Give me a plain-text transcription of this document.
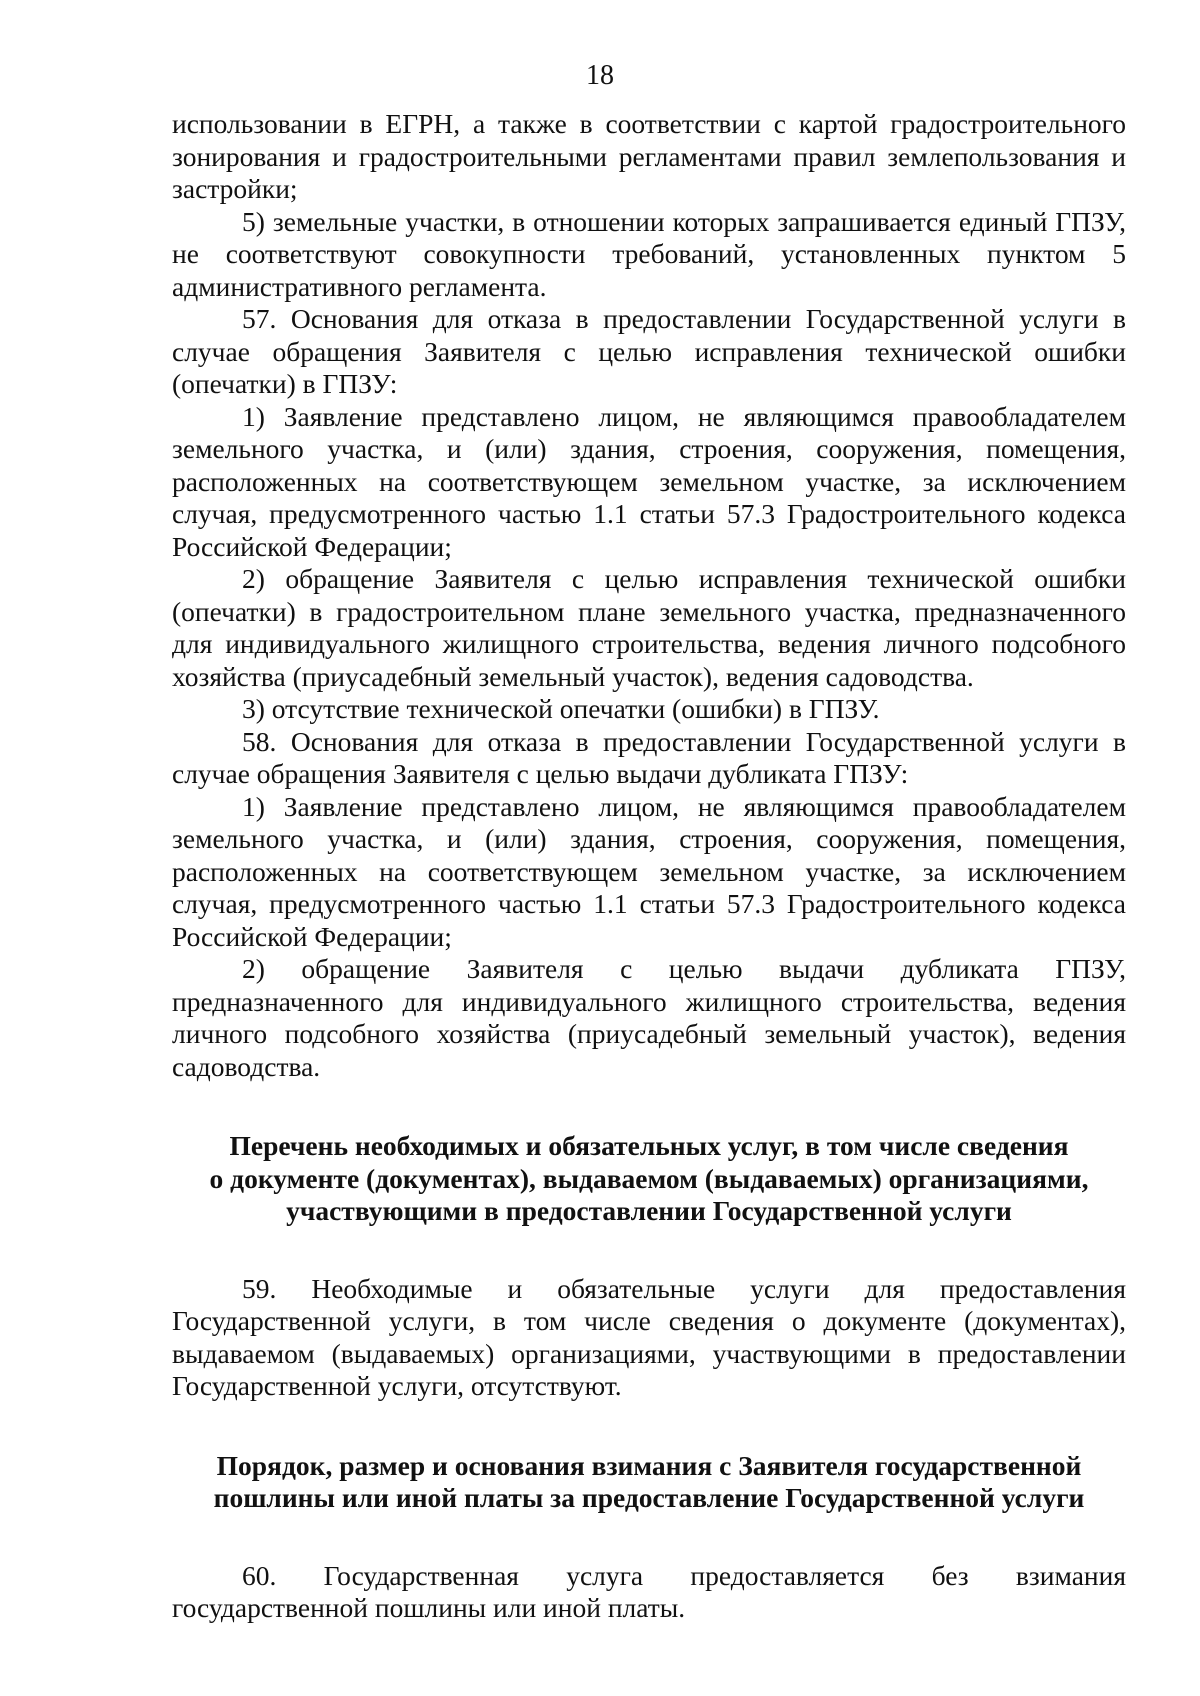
18

использовании в ЕГРН, а также в соответствии с картой градостроительного зонирования и градостроительными регламентами правил землепользования и застройки;

5) земельные участки, в отношении которых запрашивается единый ГПЗУ, не соответствуют совокупности требований, установленных пунктом 5 административного регламента.

57. Основания для отказа в предоставлении Государственной услуги в случае обращения Заявителя с целью исправления технической ошибки (опечатки) в ГПЗУ:

1) Заявление представлено лицом, не являющимся правообладателем земельного участка, и (или) здания, строения, сооружения, помещения, расположенных на соответствующем земельном участке, за исключением случая, предусмотренного частью 1.1 статьи 57.3 Градостроительного кодекса Российской Федерации;

2) обращение Заявителя с целью исправления технической ошибки (опечатки) в градостроительном плане земельного участка, предназначенного для индивидуального жилищного строительства, ведения личного подсобного хозяйства (приусадебный земельный участок), ведения садоводства.

3) отсутствие технической опечатки (ошибки) в ГПЗУ.

58. Основания для отказа в предоставлении Государственной услуги в случае обращения Заявителя с целью выдачи дубликата ГПЗУ:

1) Заявление представлено лицом, не являющимся правообладателем земельного участка, и (или) здания, строения, сооружения, помещения, расположенных на соответствующем земельном участке, за исключением случая, предусмотренного частью 1.1 статьи 57.3 Градостроительного кодекса Российской Федерации;

2) обращение Заявителя с целью выдачи дубликата ГПЗУ, предназначенного для индивидуального жилищного строительства, ведения личного подсобного хозяйства (приусадебный земельный участок), ведения садоводства.

Перечень необходимых и обязательных услуг, в том числе сведения

о документе (документах), выдаваемом (выдаваемых) организациями,

участвующими в предоставлении Государственной услуги

59. Необходимые и обязательные услуги для предоставления Государственной услуги, в том числе сведения о документе (документах), выдаваемом (выдаваемых) организациями, участвующими в предоставлении Государственной услуги, отсутствуют.

Порядок, размер и основания взимания с Заявителя государственной

пошлины или иной платы за предоставление Государственной услуги

60. Государственная услуга предоставляется без взимания государственной пошлины или иной платы.
